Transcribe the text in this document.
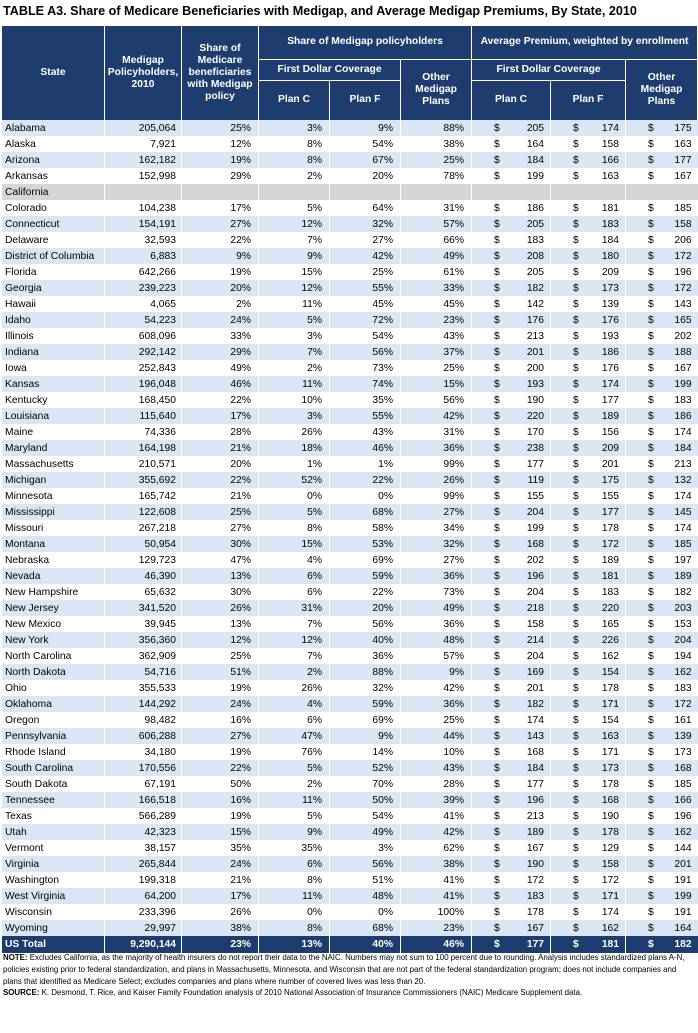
TABLE A3. Share of Medicare Beneficiaries with Medigap, and Average Medigap Premiums, By State, 2010
State	Medigap Policyholders, 2010	Share of Medicare beneficiaries with Medigap policy	Share of Medigap policyholders			Average Premium, weighted by enrollment		
			First Dollar Coverage		Other Medigap Plans	First Dollar Coverage		Other Medigap Plans
			Plan C	Plan F		Plan C	Plan F	
Alabama	205,064	25%	3%	9%	88%	$ 205	$ 174	$ 175

Alaska	7,921	12%	8%	54%	38%	$ 164	$ 158	$ 163

Arizona	162,182	19%	8%	67%	25%	$ 184	$ 166	$ 177

Arkansas	152,998	29%	2%	20%	78%	$ 199	$ 163	$ 167

California								
Colorado	104,238	17%	5%	64%	31%	$ 186	$ 181	$ 185

Connecticut	154,191	27%	12%	32%	57%	$ 205	$ 183	$ 158

Delaware	32,593	22%	7%	27%	66%	$ 183	$ 184	$ 206

District of Columbia	6,883	9%	9%	42%	49%	$ 208	$ 180	$ 172

Florida	642,266	19%	15%	25%	61%	$ 205	$ 209	$ 196

Georgia	239,223	20%	12%	55%	33%	$ 182	$ 173	$ 172

Hawaii	4,065	2%	11%	45%	45%	$ 142	$ 139	$ 143

Idaho	54,223	24%	5%	72%	23%	$ 176	$ 176	$ 165

Illinois	608,096	33%	3%	54%	43%	$ 213	$ 193	$ 202

Indiana	292,142	29%	7%	56%	37%	$ 201	$ 186	$ 188

Iowa	252,843	49%	2%	73%	25%	$ 200	$ 176	$ 167

Kansas	196,048	46%	11%	74%	15%	$ 193	$ 174	$ 199

Kentucky	168,450	22%	10%	35%	56%	$ 190	$ 177	$ 183

Louisiana	115,640	17%	3%	55%	42%	$ 220	$ 189	$ 186

Maine	74,336	28%	26%	43%	31%	$ 170	$ 156	$ 174

Maryland	164,198	21%	18%	46%	36%	$ 238	$ 209	$ 184

Massachusetts	210,571	20%	1%	1%	99%	$ 177	$ 201	$ 213

Michigan	355,692	22%	52%	22%	26%	$ 119	$ 175	$ 132

Minnesota	165,742	21%	0%	0%	99%	$ 155	$ 155	$ 174

Mississippi	122,608	25%	5%	68%	27%	$ 204	$ 177	$ 145

Missouri	267,218	27%	8%	58%	34%	$ 199	$ 178	$ 174

Montana	50,954	30%	15%	53%	32%	$ 168	$ 172	$ 185

Nebraska	129,723	47%	4%	69%	27%	$ 202	$ 189	$ 197

Nevada	46,390	13%	6%	59%	36%	$ 196	$ 181	$ 189

New Hampshire	65,632	30%	6%	22%	73%	$ 204	$ 183	$ 182

New Jersey	341,520	26%	31%	20%	49%	$ 218	$ 220	$ 203

New Mexico	39,945	13%	7%	56%	36%	$ 158	$ 165	$ 153

New York	356,360	12%	12%	40%	48%	$ 214	$ 226	$ 204

North Carolina	362,909	25%	7%	36%	57%	$ 204	$ 162	$ 194

North Dakota	54,716	51%	2%	88%	9%	$ 169	$ 154	$ 162

Ohio	355,533	19%	26%	32%	42%	$ 201	$ 178	$ 183

Oklahoma	144,292	24%	4%	59%	36%	$ 182	$ 171	$ 172

Oregon	98,482	16%	6%	69%	25%	$ 174	$ 154	$ 161

Pennsylvania	606,288	27%	47%	9%	44%	$ 143	$ 163	$ 139

Rhode Island	34,180	19%	76%	14%	10%	$ 168	$ 171	$ 173

South Carolina	170,556	22%	5%	52%	43%	$ 184	$ 173	$ 168

South Dakota	67,191	50%	2%	70%	28%	$ 177	$ 178	$ 185

Tennessee	166,518	16%	11%	50%	39%	$ 196	$ 168	$ 166

Texas	566,289	19%	5%	54%	41%	$ 213	$ 190	$ 196

Utah	42,323	15%	9%	49%	42%	$ 189	$ 178	$ 162

Vermont	38,157	35%	35%	3%	62%	$ 167	$ 129	$ 144

Virginia	265,844	24%	6%	56%	38%	$ 190	$ 158	$ 201

Washington	199,318	21%	8%	51%	41%	$ 172	$ 172	$ 191

West Virginia	64,200	17%	11%	48%	41%	$ 183	$ 171	$ 199

Wisconsin	233,396	26%	0%	0%	100%	$ 178	$ 174	$ 191

Wyoming	29,997	38%	8%	68%	23%	$ 167	$ 162	$ 164

US Total	9,290,144	23%	13%	40%	46%	$ 177	$ 181	$ 182
NOTE: Excludes California, as the majority of health insurers do not report their data to the NAIC. Numbers may not sum to 100 percent due to rounding. Analysis includes standardized plans A-N, policies existing prior to federal standardization, and plans in Massachusetts, Minnesota, and Wisconsin that are not part of the federal standardization program; does not include companies and plans that identified as Medicare Select; excludes companies and plans where number of covered lives was less than 20.
SOURCE: K. Desmond, T. Rice, and Kaiser Family Foundation analysis of 2010 National Association of Insurance Commissioners (NAIC) Medicare Supplement data.
